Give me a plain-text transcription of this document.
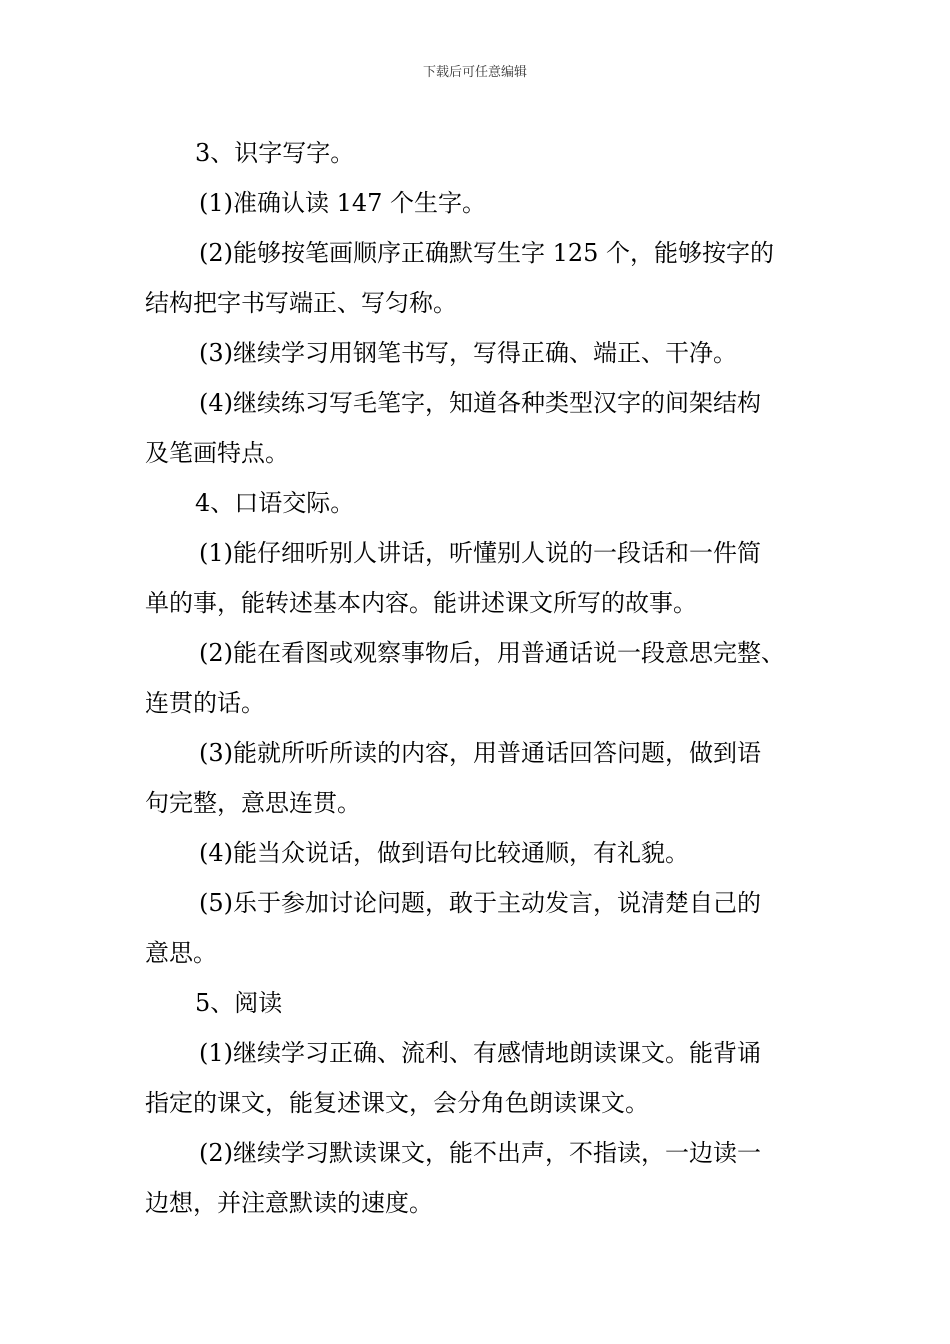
下载后可任意编辑

3、识字写字。

(1)准确认读 147 个生字。

(2)能够按笔画顺序正确默写生字 125 个，能够按字的

结构把字书写端正、写匀称。

(3)继续学习用钢笔书写，写得正确、端正、干净。

(4)继续练习写毛笔字，知道各种类型汉字的间架结构

及笔画特点。

4、口语交际。

(1)能仔细听别人讲话，听懂别人说的一段话和一件简

单的事，能转述基本内容。能讲述课文所写的故事。

(2)能在看图或观察事物后，用普通话说一段意思完整、

连贯的话。

(3)能就所听所读的内容，用普通话回答问题，做到语

句完整，意思连贯。

(4)能当众说话，做到语句比较通顺，有礼貌。

(5)乐于参加讨论问题，敢于主动发言，说清楚自己的

意思。

5、阅读

(1)继续学习正确、流利、有感情地朗读课文。能背诵

指定的课文，能复述课文，会分角色朗读课文。

(2)继续学习默读课文，能不出声，不指读，一边读一

边想，并注意默读的速度。
